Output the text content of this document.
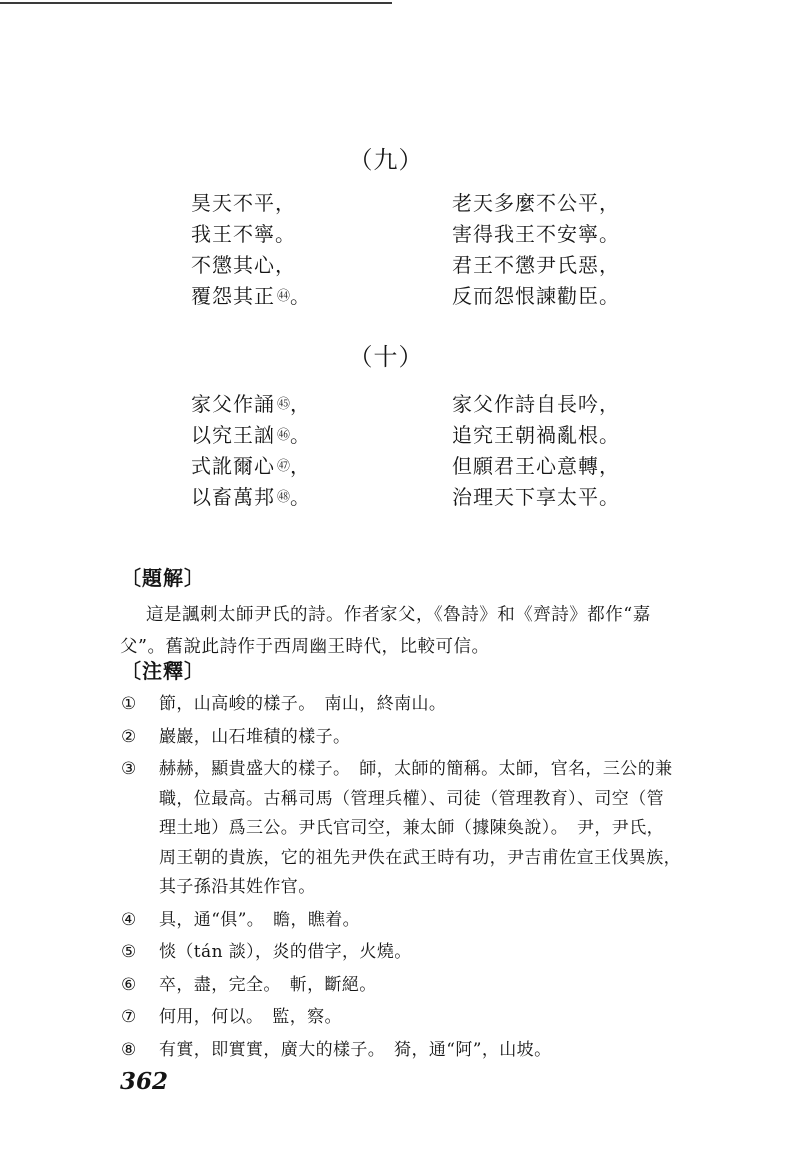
（九）
昊天不平，	老天多麼不公平，
我王不寧。	害得我王不安寧。
不懲其心，	君王不懲尹氏惡，
覆怨其正 ㊹。	反而怨恨諫勸臣。
（十）
家父作誦 ㊺，	家父作詩自長吟，
以究王訩 ㊻。	追究王朝禍亂根。
式訛爾心 ㊼，	但願君王心意轉，
以畜萬邦 ㊽。	治理天下享太平。
〔題解〕
這是諷刺太師尹氏的詩。作者家父，《魯詩》和《齊詩》都作“嘉父”。舊說此詩作于西周幽王時代，比較可信。
〔注釋〕
①	節，山高峻的樣子。　南山，終南山。
②	巖巖，山石堆積的樣子。
③	赫赫，顯貴盛大的樣子。　師，太師的簡稱。太師，官名，三公的兼職，位最高。古稱司馬（管理兵權）、司徒（管理教育）、司空（管理土地）爲三公。尹氏官司空，兼太師（據陳奐說）。　尹，尹氏，周王朝的貴族，它的祖先尹佚在武王時有功，尹吉甫佐宣王伐異族，其子孫沿其姓作官。
④	具，通“俱”。　瞻，瞧着。
⑤	惔（tán 談），炎的借字，火燒。
⑥	卒，盡，完全。　斬，斷絕。
⑦	何用，何以。　監，察。
⑧	有實，即實實，廣大的樣子。　猗，通“阿”，山坡。
362
